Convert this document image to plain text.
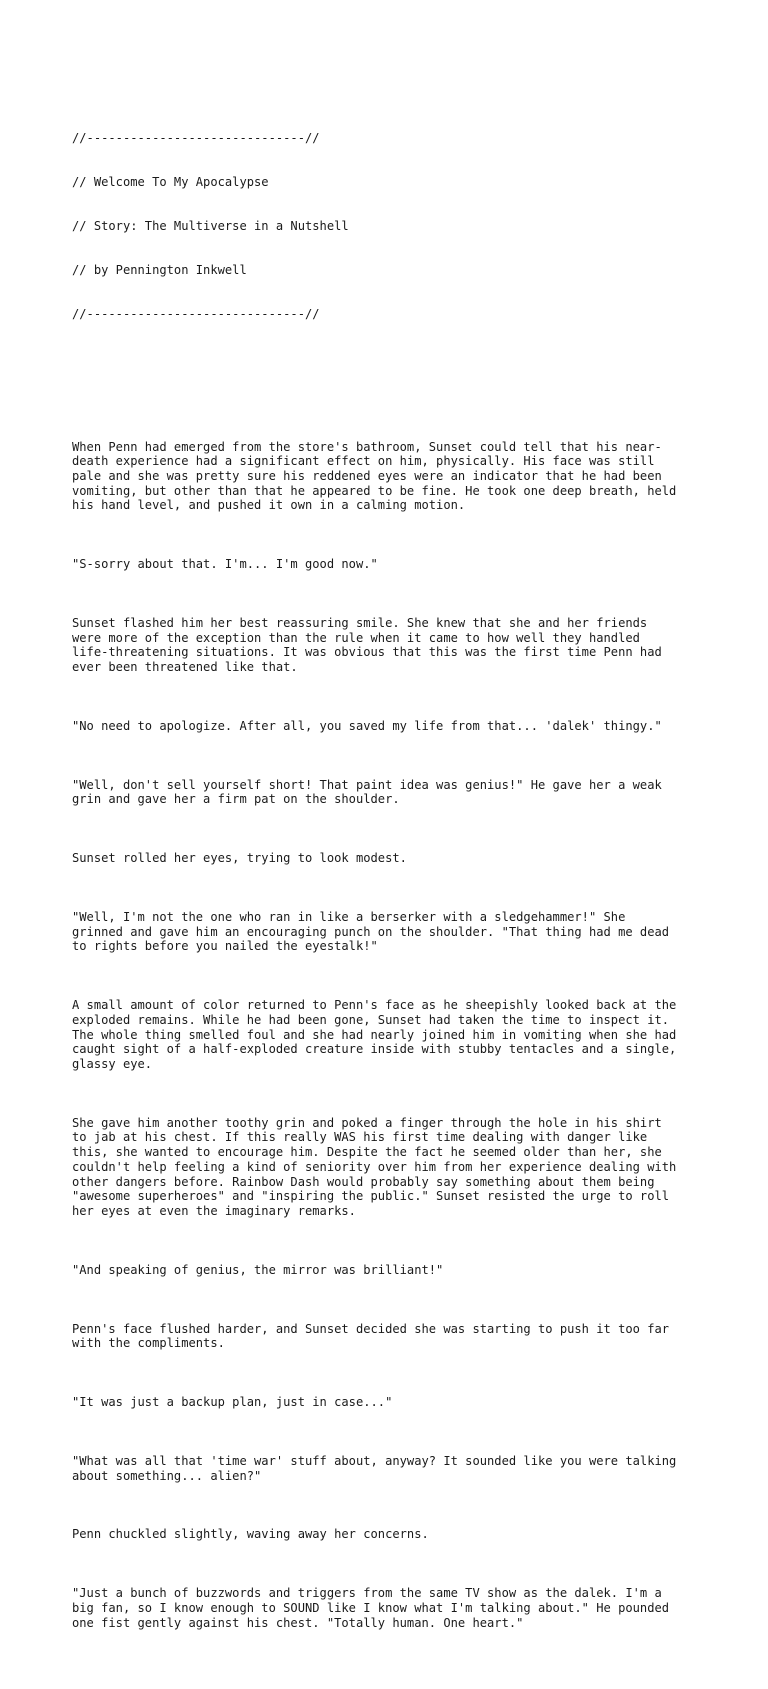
//------------------------------//

// Welcome To My Apocalypse

// Story: The Multiverse in a Nutshell

// by Pennington Inkwell

//------------------------------//

When Penn had emerged from the store's bathroom, Sunset could tell that his near-
death experience had a significant effect on him, physically. His face was still
pale and she was pretty sure his reddened eyes were an indicator that he had been
vomiting, but other than that he appeared to be fine. He took one deep breath, held
his hand level, and pushed it own in a calming motion.

"S-sorry about that. I'm... I'm good now."

Sunset flashed him her best reassuring smile. She knew that she and her friends
were more of the exception than the rule when it came to how well they handled
life-threatening situations. It was obvious that this was the first time Penn had
ever been threatened like that.

"No need to apologize. After all, you saved my life from that... 'dalek' thingy."

"Well, don't sell yourself short! That paint idea was genius!" He gave her a weak
grin and gave her a firm pat on the shoulder.

Sunset rolled her eyes, trying to look modest.

"Well, I'm not the one who ran in like a berserker with a sledgehammer!" She
grinned and gave him an encouraging punch on the shoulder. "That thing had me dead
to rights before you nailed the eyestalk!"

A small amount of color returned to Penn's face as he sheepishly looked back at the
exploded remains. While he had been gone, Sunset had taken the time to inspect it.
The whole thing smelled foul and she had nearly joined him in vomiting when she had
caught sight of a half-exploded creature inside with stubby tentacles and a single,
glassy eye.

She gave him another toothy grin and poked a finger through the hole in his shirt
to jab at his chest. If this really WAS his first time dealing with danger like
this, she wanted to encourage him. Despite the fact he seemed older than her, she
couldn't help feeling a kind of seniority over him from her experience dealing with
other dangers before. Rainbow Dash would probably say something about them being
"awesome superheroes" and "inspiring the public." Sunset resisted the urge to roll
her eyes at even the imaginary remarks.

"And speaking of genius, the mirror was brilliant!"

Penn's face flushed harder, and Sunset decided she was starting to push it too far
with the compliments.

"It was just a backup plan, just in case..."

"What was all that 'time war' stuff about, anyway? It sounded like you were talking
about something... alien?"

Penn chuckled slightly, waving away her concerns.

"Just a bunch of buzzwords and triggers from the same TV show as the dalek. I'm a
big fan, so I know enough to SOUND like I know what I'm talking about." He pounded
one fist gently against his chest. "Totally human. One heart."
